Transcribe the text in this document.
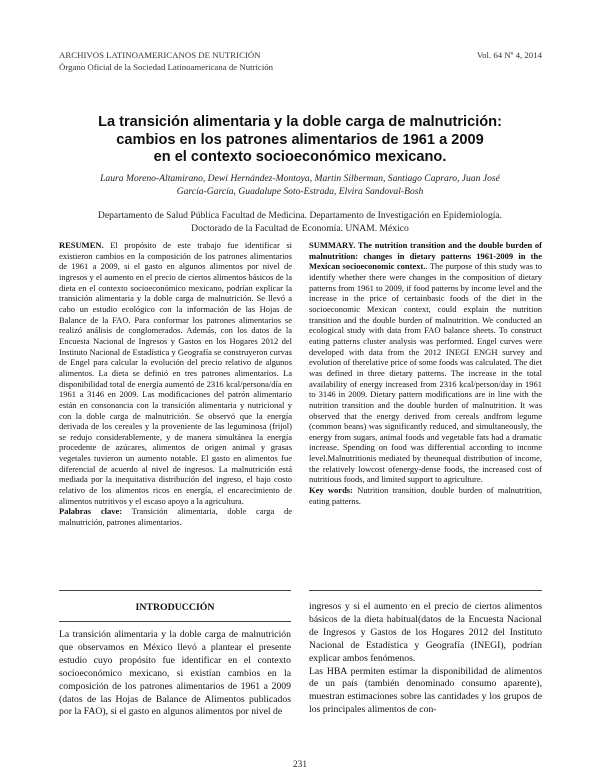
ARCHIVOS LATINOAMERICANOS DE NUTRICIÓN
Órgano Oficial de la Sociedad Latinoamericana de Nutrición
Vol. 64 Nº 4, 2014
La transición alimentaria y la doble carga de malnutrición:
cambios en los patrones alimentarios de 1961 a 2009
en el contexto socioeconómico mexicano.
Laura Moreno-Altamirano, Dewi Hernández-Montoya, Martin Silberman, Santiago Capraro, Juan José
García-García, Guadalupe Soto-Estrada, Elvira Sandoval-Bosh
Departamento de Salud Pública Facultad de Medicina. Departamento de Investigación en Epidemiología.
Doctorado de la Facultad de Economía. UNAM. México

RESUMEN. El propósito de este trabajo fue identificar si existieron cambios en la composición de los patrones alimentarios de 1961 a 2009, si el gasto en algunos alimentos por nivel de ingresos y el aumento en el precio de ciertos alimentos básicos de la dieta en el contexto socioeconómico mexicano, podrían explicar la transición alimentaria y la doble carga de malnutrición. Se llevó a cabo un estudio ecológico con la información de las Hojas de Balance de la FAO. Para conformar los patrones alimentarios se realizó análisis de conglomerados. Además, con los datos de la Encuesta Nacional de Ingresos y Gastos en los Hogares 2012 del Instituto Nacional de Estadística y Geografía se construyeron curvas de Engel para calcular la evolución del precio relativo de algunos alimentos. La dieta se definió en tres patrones alimentarios. La disponibilidad total de energía aumentó de 2316 kcal/persona/día en 1961 a 3146 en 2009. Las modificaciones del patrón alimentario están en consonancia con la transición alimentaria y nutricional y con la doble carga de malnutrición. Se observó que la energía derivada de los cereales y la proveniente de las leguminosa (frijol) se redujo considerablemente, y de manera simultánea la energía procedente de azúcares, alimentos de origen animal y grasas vegetales tuvieron un aumento notable. El gasto en alimentos fue diferencial de acuerdo al nivel de ingresos. La malnutrición está mediada por la inequitativa distribución del ingreso, el bajo costo relativo de los alimentos ricos en energía, el encarecimiento de alimentos nutritivos y el escaso apoyo a la agricultura.

Palabras clave: Transición alimentaria, doble carga de malnutrición, patrones alimentarios.

SUMMARY. The nutrition transition and the double burden of malnutrition: changes in dietary patterns 1961-2009 in the Mexican socioeconomic context.. The purpose of this study was to identify whether there were changes in the composition of dietary patterns from 1961 to 2009, if food patterns by income level and the increase in the price of certainbasic foods of the diet in the socioeconomic Mexican context, could explain the nutrition transition and the double burden of malnutrition. We conducted an ecological study with data from FAO balance sheets. To construct eating patterns cluster analysis was performed. Engel curves were developed with data from the 2012 INEGI ENGH survey and evolution of therelative price of some foods was calculated. The diet was defined in three dietary patterns. The increase in the total availability of energy increased from 2316 kcal/person/day in 1961 to 3146 in 2009. Dietary pattern modifications are in line with the nutrition transition and the double burden of malnutrition. It was observed that the energy derived from cereals andfrom legume (common beans) was significantly reduced, and simultaneously, the energy from sugars, animal foods and vegetable fats had a dramatic increase. Spending on food was differential according to income level.Malnutritionis mediated by theunequal distribution of income, the relatively lowcost ofenergy-dense foods, the increased cost of nutritious foods, and limited support to agriculture.

Key words: Nutrition transition, double burden of malnutrition, eating patterns.

INTRODUCCIÓN

La transición alimentaria y la doble carga de malnutrición que observamos en México llevó a plantear el presente estudio cuyo propósito fue identificar en el contexto socioeconómico mexicano, si existían cambios en la composición de los patrones alimentarios de 1961 a 2009 (datos de las Hojas de Balance de Alimentos publicados por la FAO), si el gasto en algunos alimentos por nivel de

ingresos y si el aumento en el precio de ciertos alimentos básicos de la dieta habitual(datos de la Encuesta Nacional de Ingresos y Gastos de los Hogares 2012 del Instituto Nacional de Estadística y Geografía (INEGI), podrían explicar ambos fenómenos.

Las HBA permiten estimar la disponibilidad de alimentos de un país (también denominado consumo aparente), muestran estimaciones sobre las cantidades y los grupos de los principales alimentos de con-

231
